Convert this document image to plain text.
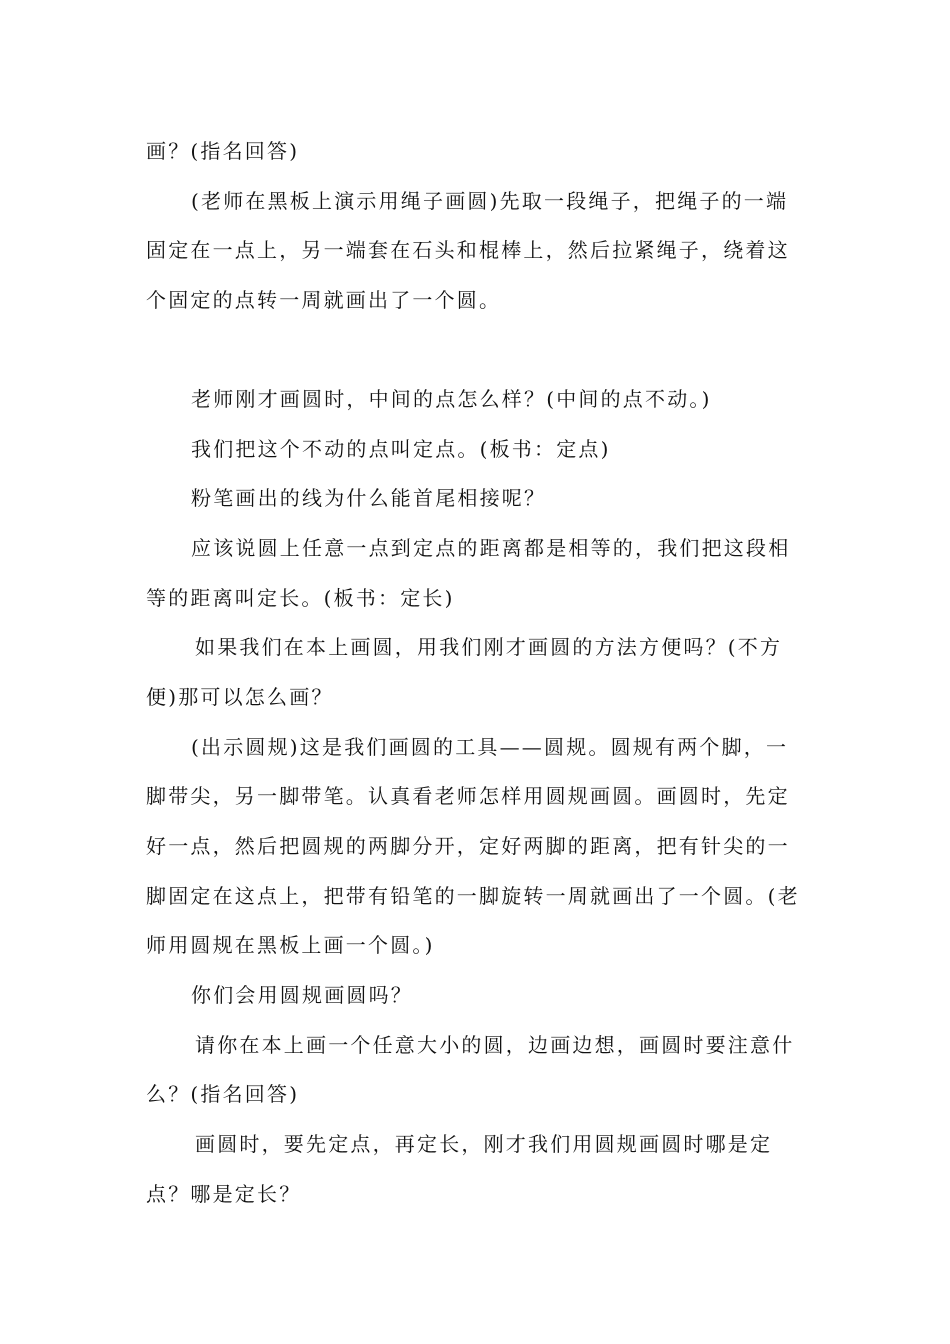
画？(指名回答)
(老师在黑板上演示用绳子画圆)先取一段绳子，把绳子的一端
固定在一点上，另一端套在石头和棍棒上，然后拉紧绳子，绕着这
个固定的点转一周就画出了一个圆。
老师刚才画圆时，中间的点怎么样？(中间的点不动。)
我们把这个不动的点叫定点。(板书：定点)
粉笔画出的线为什么能首尾相接呢？
应该说圆上任意一点到定点的距离都是相等的，我们把这段相
等的距离叫定长。(板书：定长)
如果我们在本上画圆，用我们刚才画圆的方法方便吗？(不方
便)那可以怎么画？
(出示圆规)这是我们画圆的工具——圆规。圆规有两个脚，一
脚带尖，另一脚带笔。认真看老师怎样用圆规画圆。画圆时，先定
好一点，然后把圆规的两脚分开，定好两脚的距离，把有针尖的一
脚固定在这点上，把带有铅笔的一脚旋转一周就画出了一个圆。(老
师用圆规在黑板上画一个圆。)
你们会用圆规画圆吗？
请你在本上画一个任意大小的圆，边画边想，画圆时要注意什
么？(指名回答)
画圆时，要先定点，再定长，刚才我们用圆规画圆时哪是定
点？哪是定长？
